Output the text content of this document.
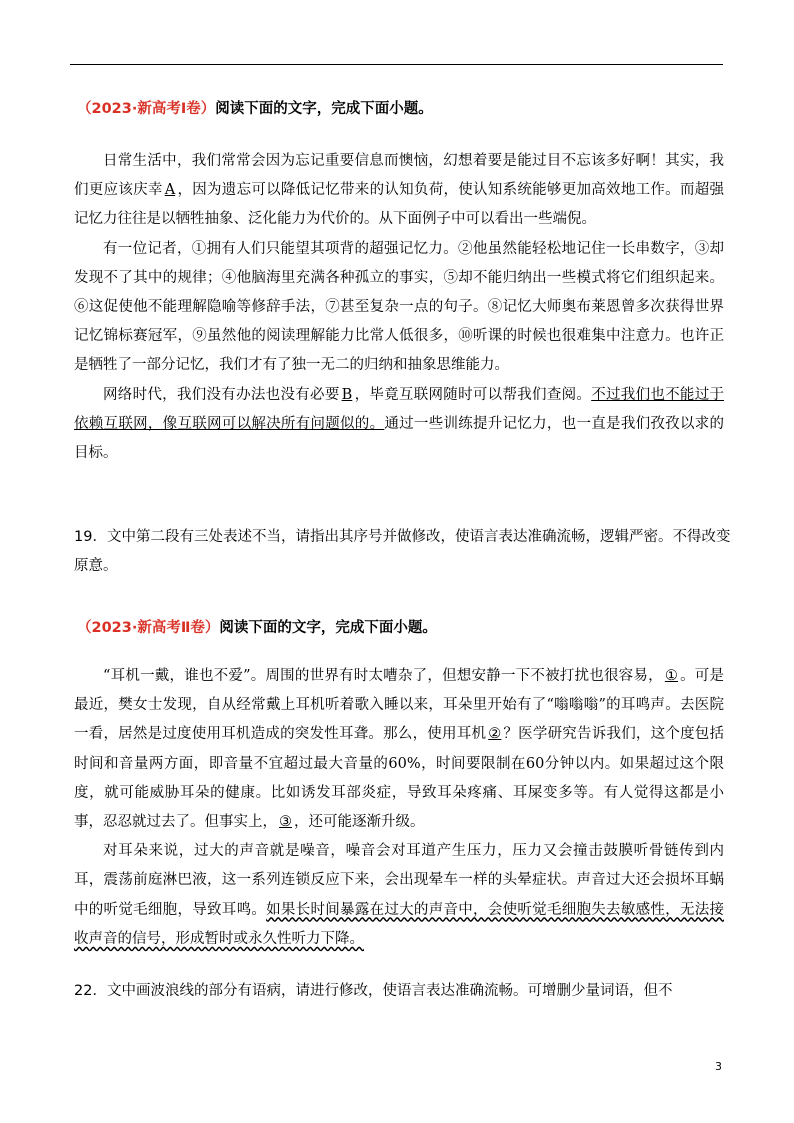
（2023·新高考Ⅰ卷）阅读下面的文字，完成下面小题。

日常生活中，我们常常会因为忘记重要信息而懊恼，幻想着要是能过目不忘该多好啊！其实，我们更应该庆幸 A ，因为遗忘可以降低记忆带来的认知负荷，使认知系统能够更加高效地工作。而超强记忆力往往是以牺牲抽象、泛化能力为代价的。从下面例子中可以看出一些端倪。

有一位记者，①拥有人们只能望其项背的超强记忆力。②他虽然能轻松地记住一长串数字，③却发现不了其中的规律；④他脑海里充满各种孤立的事实，⑤却不能归纳出一些模式将它们组织起来。⑥这促使他不能理解隐喻等修辞手法，⑦甚至复杂一点的句子。⑧记忆大师奥布莱恩曾多次获得世界记忆锦标赛冠军，⑨虽然他的阅读理解能力比常人低很多，⑩听课的时候也很难集中注意力。也许正是牺牲了一部分记忆，我们才有了独一无二的归纳和抽象思维能力。

网络时代，我们没有办法也没有必要 B ，毕竟互联网随时可以帮我们查阅。不过我们也不能过于依赖互联网，像互联网可以解决所有问题似的。通过一些训练提升记忆力，也一直是我们孜孜以求的目标。

19．文中第二段有三处表述不当，请指出其序号并做修改，使语言表达准确流畅，逻辑严密。不得改变原意。

（2023·新高考Ⅱ卷）阅读下面的文字，完成下面小题。

“耳机一戴，谁也不爱”。周围的世界有时太嘈杂了，但想安静一下不被打扰也很容易， ① 。可是最近，樊女士发现，自从经常戴上耳机听着歌入睡以来，耳朵里开始有了“嗡嗡嗡”的耳鸣声。去医院一看，居然是过度使用耳机造成的突发性耳聋。那么，使用耳机 ② ？医学研究告诉我们，这个度包括时间和音量两方面，即音量不宜超过最大音量的60%，时间要限制在60分钟以内。如果超过这个限度，就可能威胁耳朵的健康。比如诱发耳部炎症，导致耳朵疼痛、耳屎变多等。有人觉得这都是小事，忍忍就过去了。但事实上， ③ ，还可能逐渐升级。

对耳朵来说，过大的声音就是噪音，噪音会对耳道产生压力，压力又会撞击鼓膜听骨链传到内耳，震荡前庭淋巴液，这一系列连锁反应下来，会出现晕车一样的头晕症状。声音过大还会损坏耳蜗中的听觉毛细胞，导致耳鸣。如果长时间暴露在过大的声音中，会使听觉毛细胞失去敏感性，无法接收声音的信号，形成暂时或永久性听力下降。

22．文中画波浪线的部分有语病，请进行修改，使语言表达准确流畅。可增删少量词语，但不

3
